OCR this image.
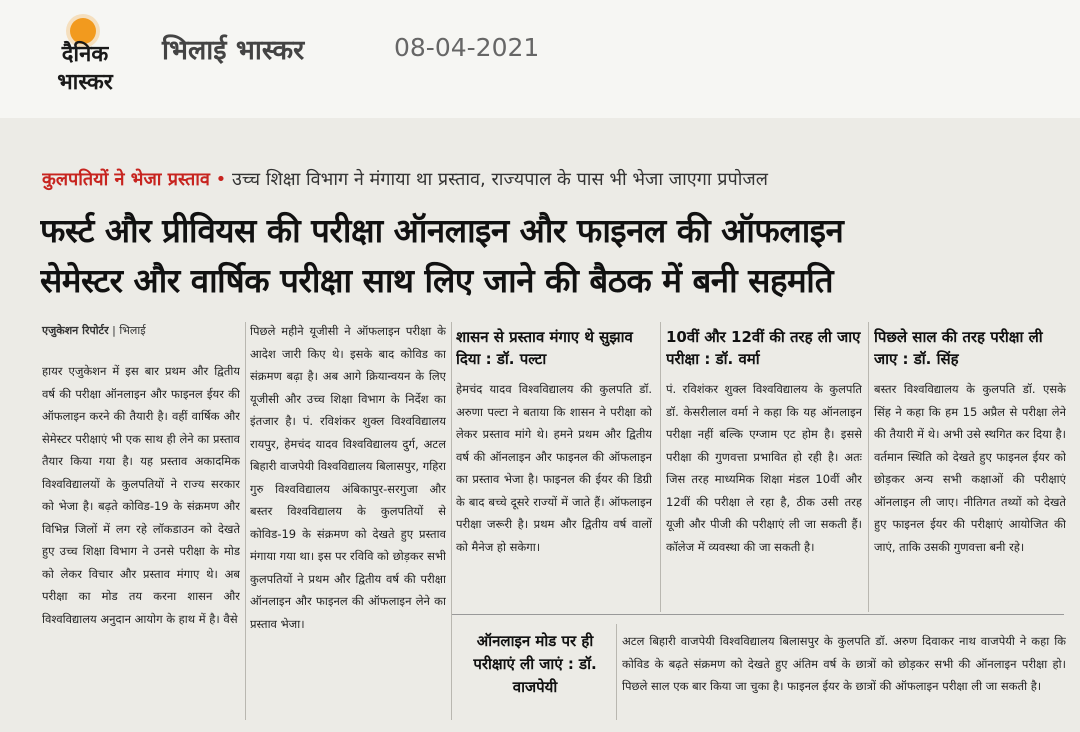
दैनिक
भास्कर
भिलाई भास्कर	08-04-2021
कुलपतियों ने भेजा प्रस्ताव • उच्च शिक्षा विभाग ने मंगाया था प्रस्ताव, राज्यपाल के पास भी भेजा जाएगा प्रपोजल
फर्स्ट और प्रीवियस की परीक्षा ऑनलाइन और फाइनल की ऑफलाइन
सेमेस्टर और वार्षिक परीक्षा साथ लिए जाने की बैठक में बनी सहमति
एजुकेशन रिपोर्टर | भिलाई
हायर एजुकेशन में इस बार प्रथम और द्वितीय वर्ष की परीक्षा ऑनलाइन और फाइनल ईयर की ऑफलाइन करने की तैयारी है। वहीं वार्षिक और सेमेस्टर परीक्षाएं भी एक साथ ही लेने का प्रस्ताव तैयार किया गया है। यह प्रस्ताव अकादमिक विश्वविद्यालयों के कुलपतियों ने राज्य सरकार को भेजा है। बढ़ते कोविड-19 के संक्रमण और विभिन्न जिलों में लग रहे लॉकडाउन को देखते हुए उच्च शिक्षा विभाग ने उनसे परीक्षा के मोड को लेकर विचार और प्रस्ताव मंगाए थे। अब परीक्षा का मोड तय करना शासन और विश्वविद्यालय अनुदान आयोग के हाथ में है। वैसे
पिछले महीने यूजीसी ने ऑफलाइन परीक्षा के आदेश जारी किए थे। इसके बाद कोविड का संक्रमण बढ़ा है। अब आगे क्रियान्वयन के लिए यूजीसी और उच्च शिक्षा विभाग के निर्देश का इंतजार है। पं. रविशंकर शुक्ल विश्वविद्यालय रायपुर, हेमचंद यादव विश्वविद्यालय दुर्ग, अटल बिहारी वाजपेयी विश्वविद्यालय बिलासपुर, गहिरा गुरु विश्वविद्यालय अंबिकापुर-सरगुजा और बस्तर विश्वविद्यालय के कुलपतियों से कोविड-19 के संक्रमण को देखते हुए प्रस्ताव मंगाया गया था। इस पर रविवि को छोड़कर सभी कुलपतियों ने प्रथम और द्वितीय वर्ष की परीक्षा ऑनलाइन और फाइनल की ऑफलाइन लेने का प्रस्ताव भेजा।
शासन से प्रस्ताव मंगाए थे सुझाव दिया : डॉ. पल्टा
हेमचंद यादव विश्वविद्यालय की कुलपति डॉ. अरुणा पल्टा ने बताया कि शासन ने परीक्षा को लेकर प्रस्ताव मांगे थे। हमने प्रथम और द्वितीय वर्ष की ऑनलाइन और फाइनल की ऑफलाइन का प्रस्ताव भेजा है। फाइनल की ईयर की डिग्री के बाद बच्चे दूसरे राज्यों में जाते हैं। ऑफलाइन परीक्षा जरूरी है। प्रथम और द्वितीय वर्ष वालों को मैनेज हो सकेगा।
10वीं और 12वीं की तरह ली जाए परीक्षा : डॉ. वर्मा
पं. रविशंकर शुक्ल विश्वविद्यालय के कुलपति डॉ. केसरीलाल वर्मा ने कहा कि यह ऑनलाइन परीक्षा नहीं बल्कि एग्जाम एट होम है। इससे परीक्षा की गुणवत्ता प्रभावित हो रही है। अतः जिस तरह माध्यमिक शिक्षा मंडल 10वीं और 12वीं की परीक्षा ले रहा है, ठीक उसी तरह यूजी और पीजी की परीक्षाएं ली जा सकती हैं। कॉलेज में व्यवस्था की जा सकती है।
पिछले साल की तरह परीक्षा ली जाए : डॉ. सिंह
बस्तर विश्वविद्यालय के कुलपति डॉ. एसके सिंह ने कहा कि हम 15 अप्रैल से परीक्षा लेने की तैयारी में थे। अभी उसे स्थगित कर दिया है। वर्तमान स्थिति को देखते हुए फाइनल ईयर को छोड़कर अन्य सभी कक्षाओं की परीक्षाएं ऑनलाइन ली जाए। नीतिगत तथ्यों को देखते हुए फाइनल ईयर की परीक्षाएं आयोजित की जाएं, ताकि उसकी गुणवत्ता बनी रहे।
ऑनलाइन मोड पर ही परीक्षाएं ली जाएं : डॉ. वाजपेयी
अटल बिहारी वाजपेयी विश्वविद्यालय बिलासपुर के कुलपति डॉ. अरुण दिवाकर नाथ वाजपेयी ने कहा कि कोविड के बढ़ते संक्रमण को देखते हुए अंतिम वर्ष के छात्रों को छोड़कर सभी की ऑनलाइन परीक्षा हो। पिछले साल एक बार किया जा चुका है। फाइनल ईयर के छात्रों की ऑफलाइन परीक्षा ली जा सकती है।
